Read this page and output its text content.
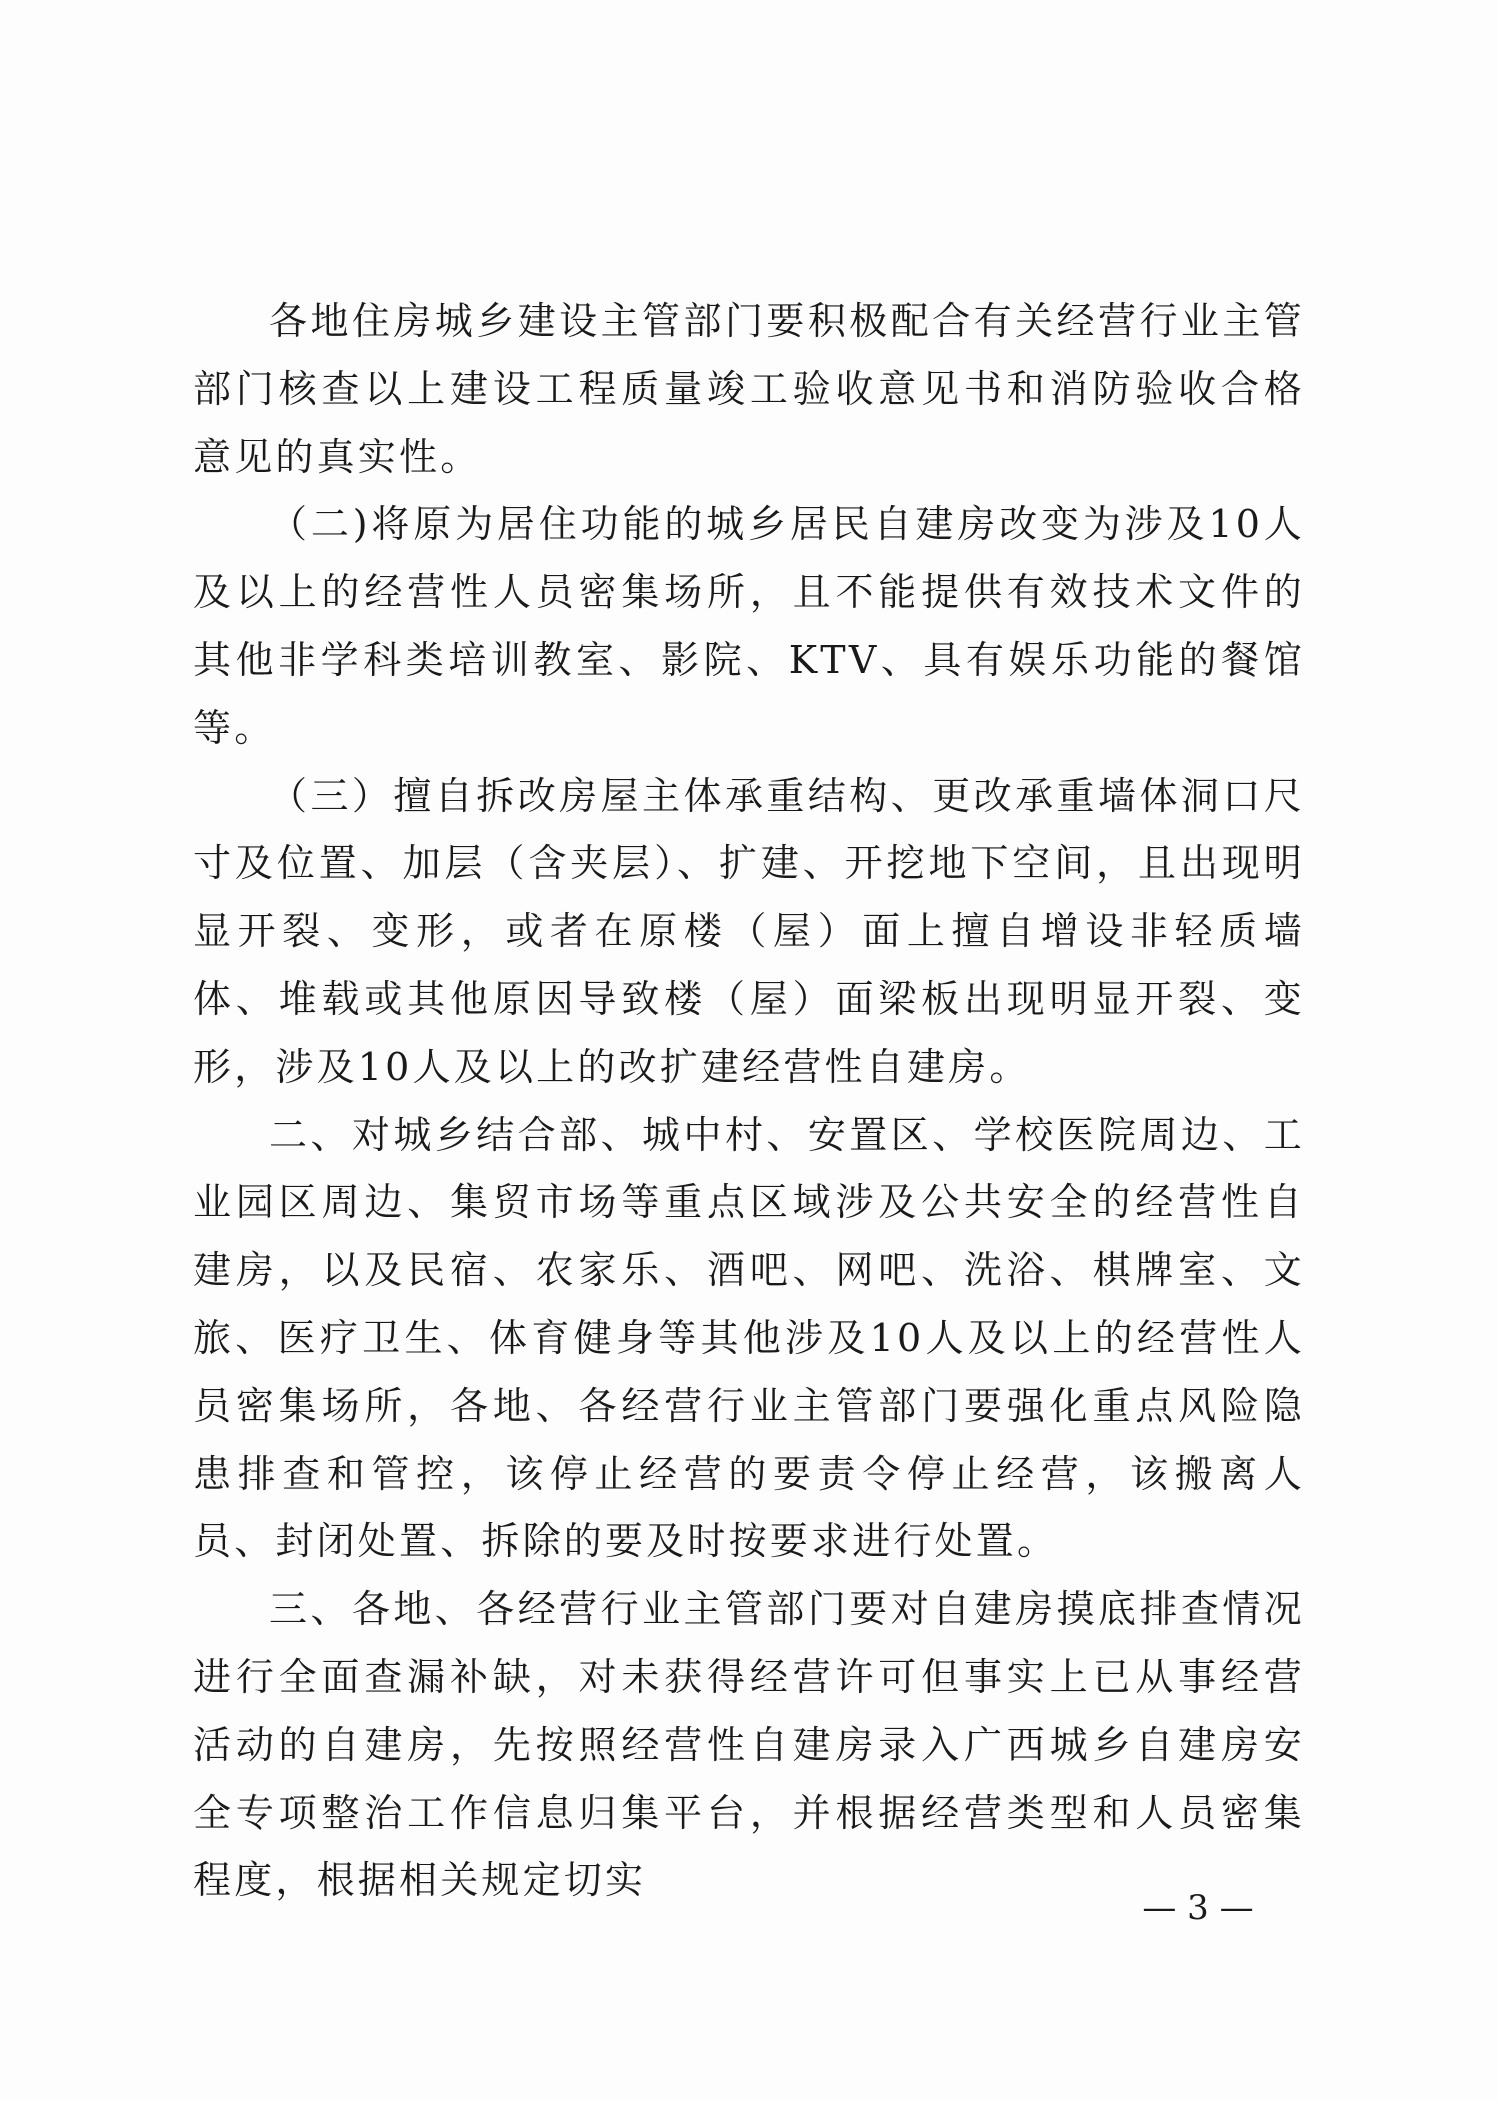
各地住房城乡建设主管部门要积极配合有关经营行业主管部门核查以上建设工程质量竣工验收意见书和消防验收合格意见的真实性。

（二)将原为居住功能的城乡居民自建房改变为涉及10人及以上的经营性人员密集场所，且不能提供有效技术文件的其他非学科类培训教室、影院、KTV、具有娱乐功能的餐馆等。

（三）擅自拆改房屋主体承重结构、更改承重墙体洞口尺寸及位置、加层（含夹层）、扩建、开挖地下空间，且出现明显开裂、变形，或者在原楼（屋）面上擅自增设非轻质墙体、堆载或其他原因导致楼（屋）面梁板出现明显开裂、变形，涉及10人及以上的改扩建经营性自建房。

二、对城乡结合部、城中村、安置区、学校医院周边、工业园区周边、集贸市场等重点区域涉及公共安全的经营性自建房，以及民宿、农家乐、酒吧、网吧、洗浴、棋牌室、文旅、医疗卫生、体育健身等其他涉及10人及以上的经营性人员密集场所，各地、各经营行业主管部门要强化重点风险隐患排查和管控，该停止经营的要责令停止经营，该搬离人员、封闭处置、拆除的要及时按要求进行处置。

三、各地、各经营行业主管部门要对自建房摸底排查情况进行全面查漏补缺，对未获得经营许可但事实上已从事经营活动的自建房，先按照经营性自建房录入广西城乡自建房安全专项整治工作信息归集平台，并根据经营类型和人员密集程度，根据相关规定切实

— 3 —
